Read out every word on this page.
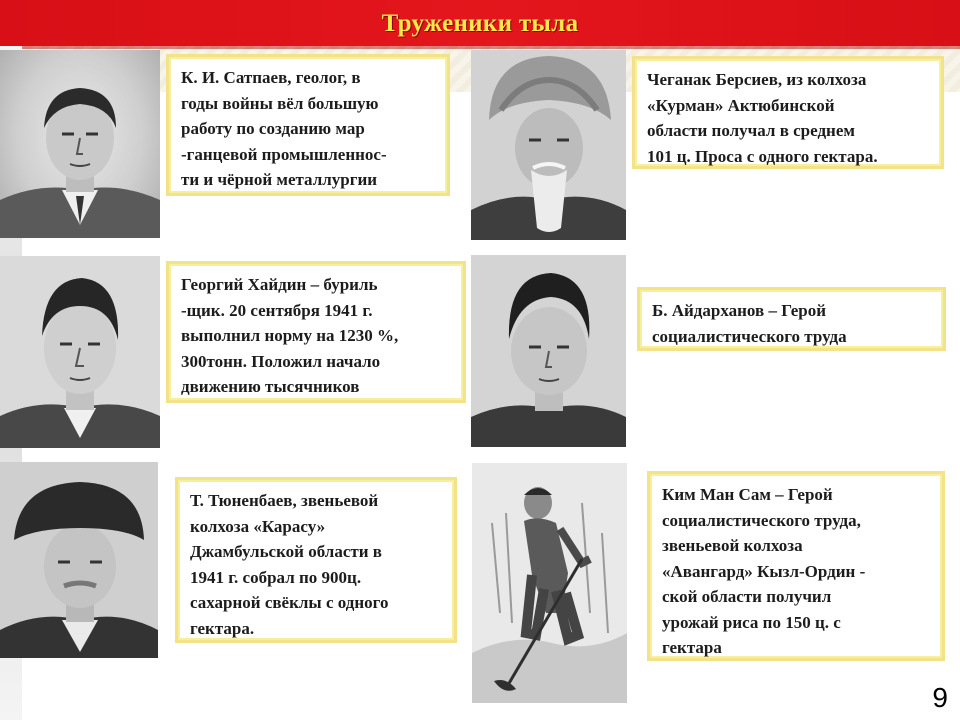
Труженики тыла
К. И. Сатпаев, геолог, в
годы войны вёл большую
работу по созданию мар
-ганцевой промышленнос-
ти и чёрной металлургии
Чеганак Берсиев, из колхоза
«Курман» Актюбинской
области получал в среднем
101 ц. Проса с одного гектара.
Георгий Хайдин – буриль
-щик. 20 сентября 1941 г.
выполнил норму на 1230 %,
300тонн. Положил начало
движению тысячников
Б. Айдарханов – Герой
социалистического труда
Т. Тюненбаев, звеньевой
колхоза «Карасу»
Джамбульской области в
1941 г. собрал по 900ц.
сахарной свёклы с одного
гектара.
Ким Ман Сам – Герой
социалистического труда,
звеньевой колхоза
«Авангард» Кызл-Ордин -
ской области получил
урожай риса по 150 ц. с
гектара
9
